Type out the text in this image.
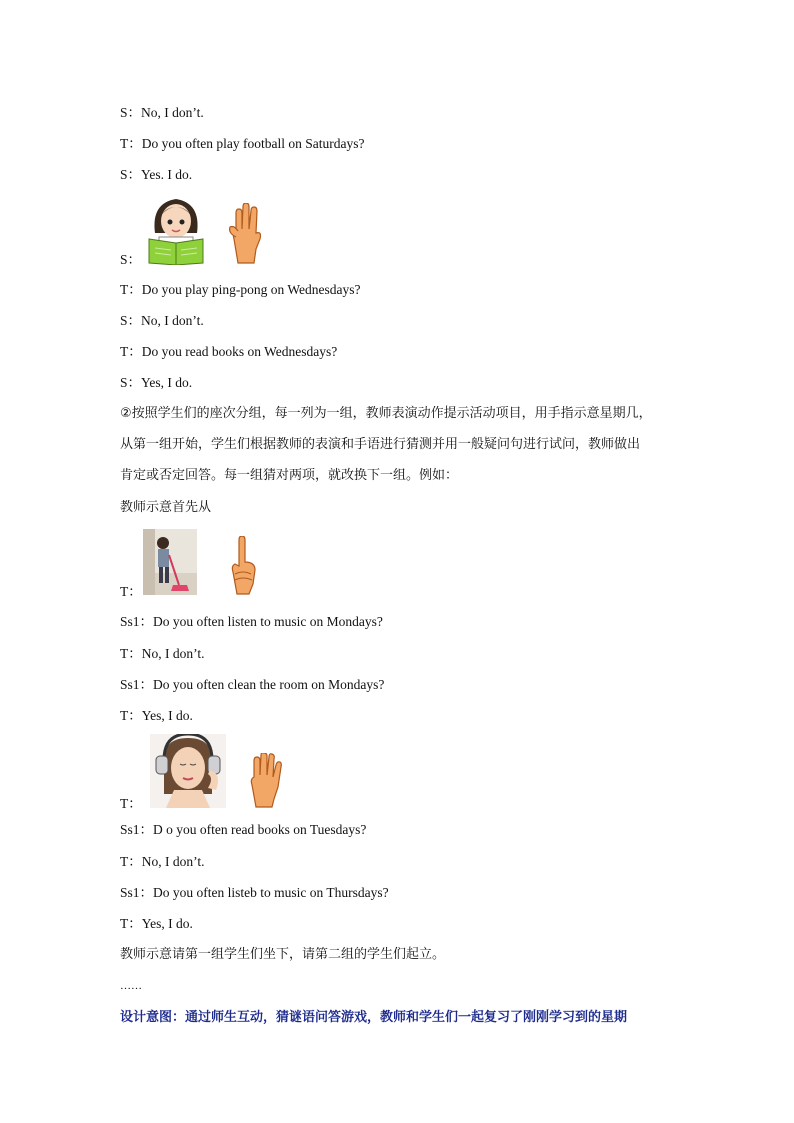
S：No, I don’t.
T：Do you often play football on Saturdays?
S：Yes. I do.
S：
T：Do you play ping-pong on Wednesdays?
S：No, I don’t.
T：Do you read books on Wednesdays?
S：Yes, I do.
②按照学生们的座次分组，每一列为一组，教师表演动作提示活动项目，用手指示意星期几，
从第一组开始，学生们根据教师的表演和手语进行猜测并用一般疑问句进行试问，教师做出
肯定或否定回答。每一组猜对两项，就改换下一组。例如：
教师示意首先从
T：
Ss1：Do you often listen to music on Mondays?
T：No, I don’t.
Ss1：Do you often clean the room on Mondays?
T：Yes, I do.
T：
Ss1：D o you often read books on Tuesdays?
T：No, I don’t.
Ss1：Do you often listeb to music on Thursdays?
T：Yes, I do.
教师示意请第一组学生们坐下，请第二组的学生们起立。
……
设计意图：通过师生互动，猜谜语问答游戏，教师和学生们一起复习了刚刚学习到的星期
